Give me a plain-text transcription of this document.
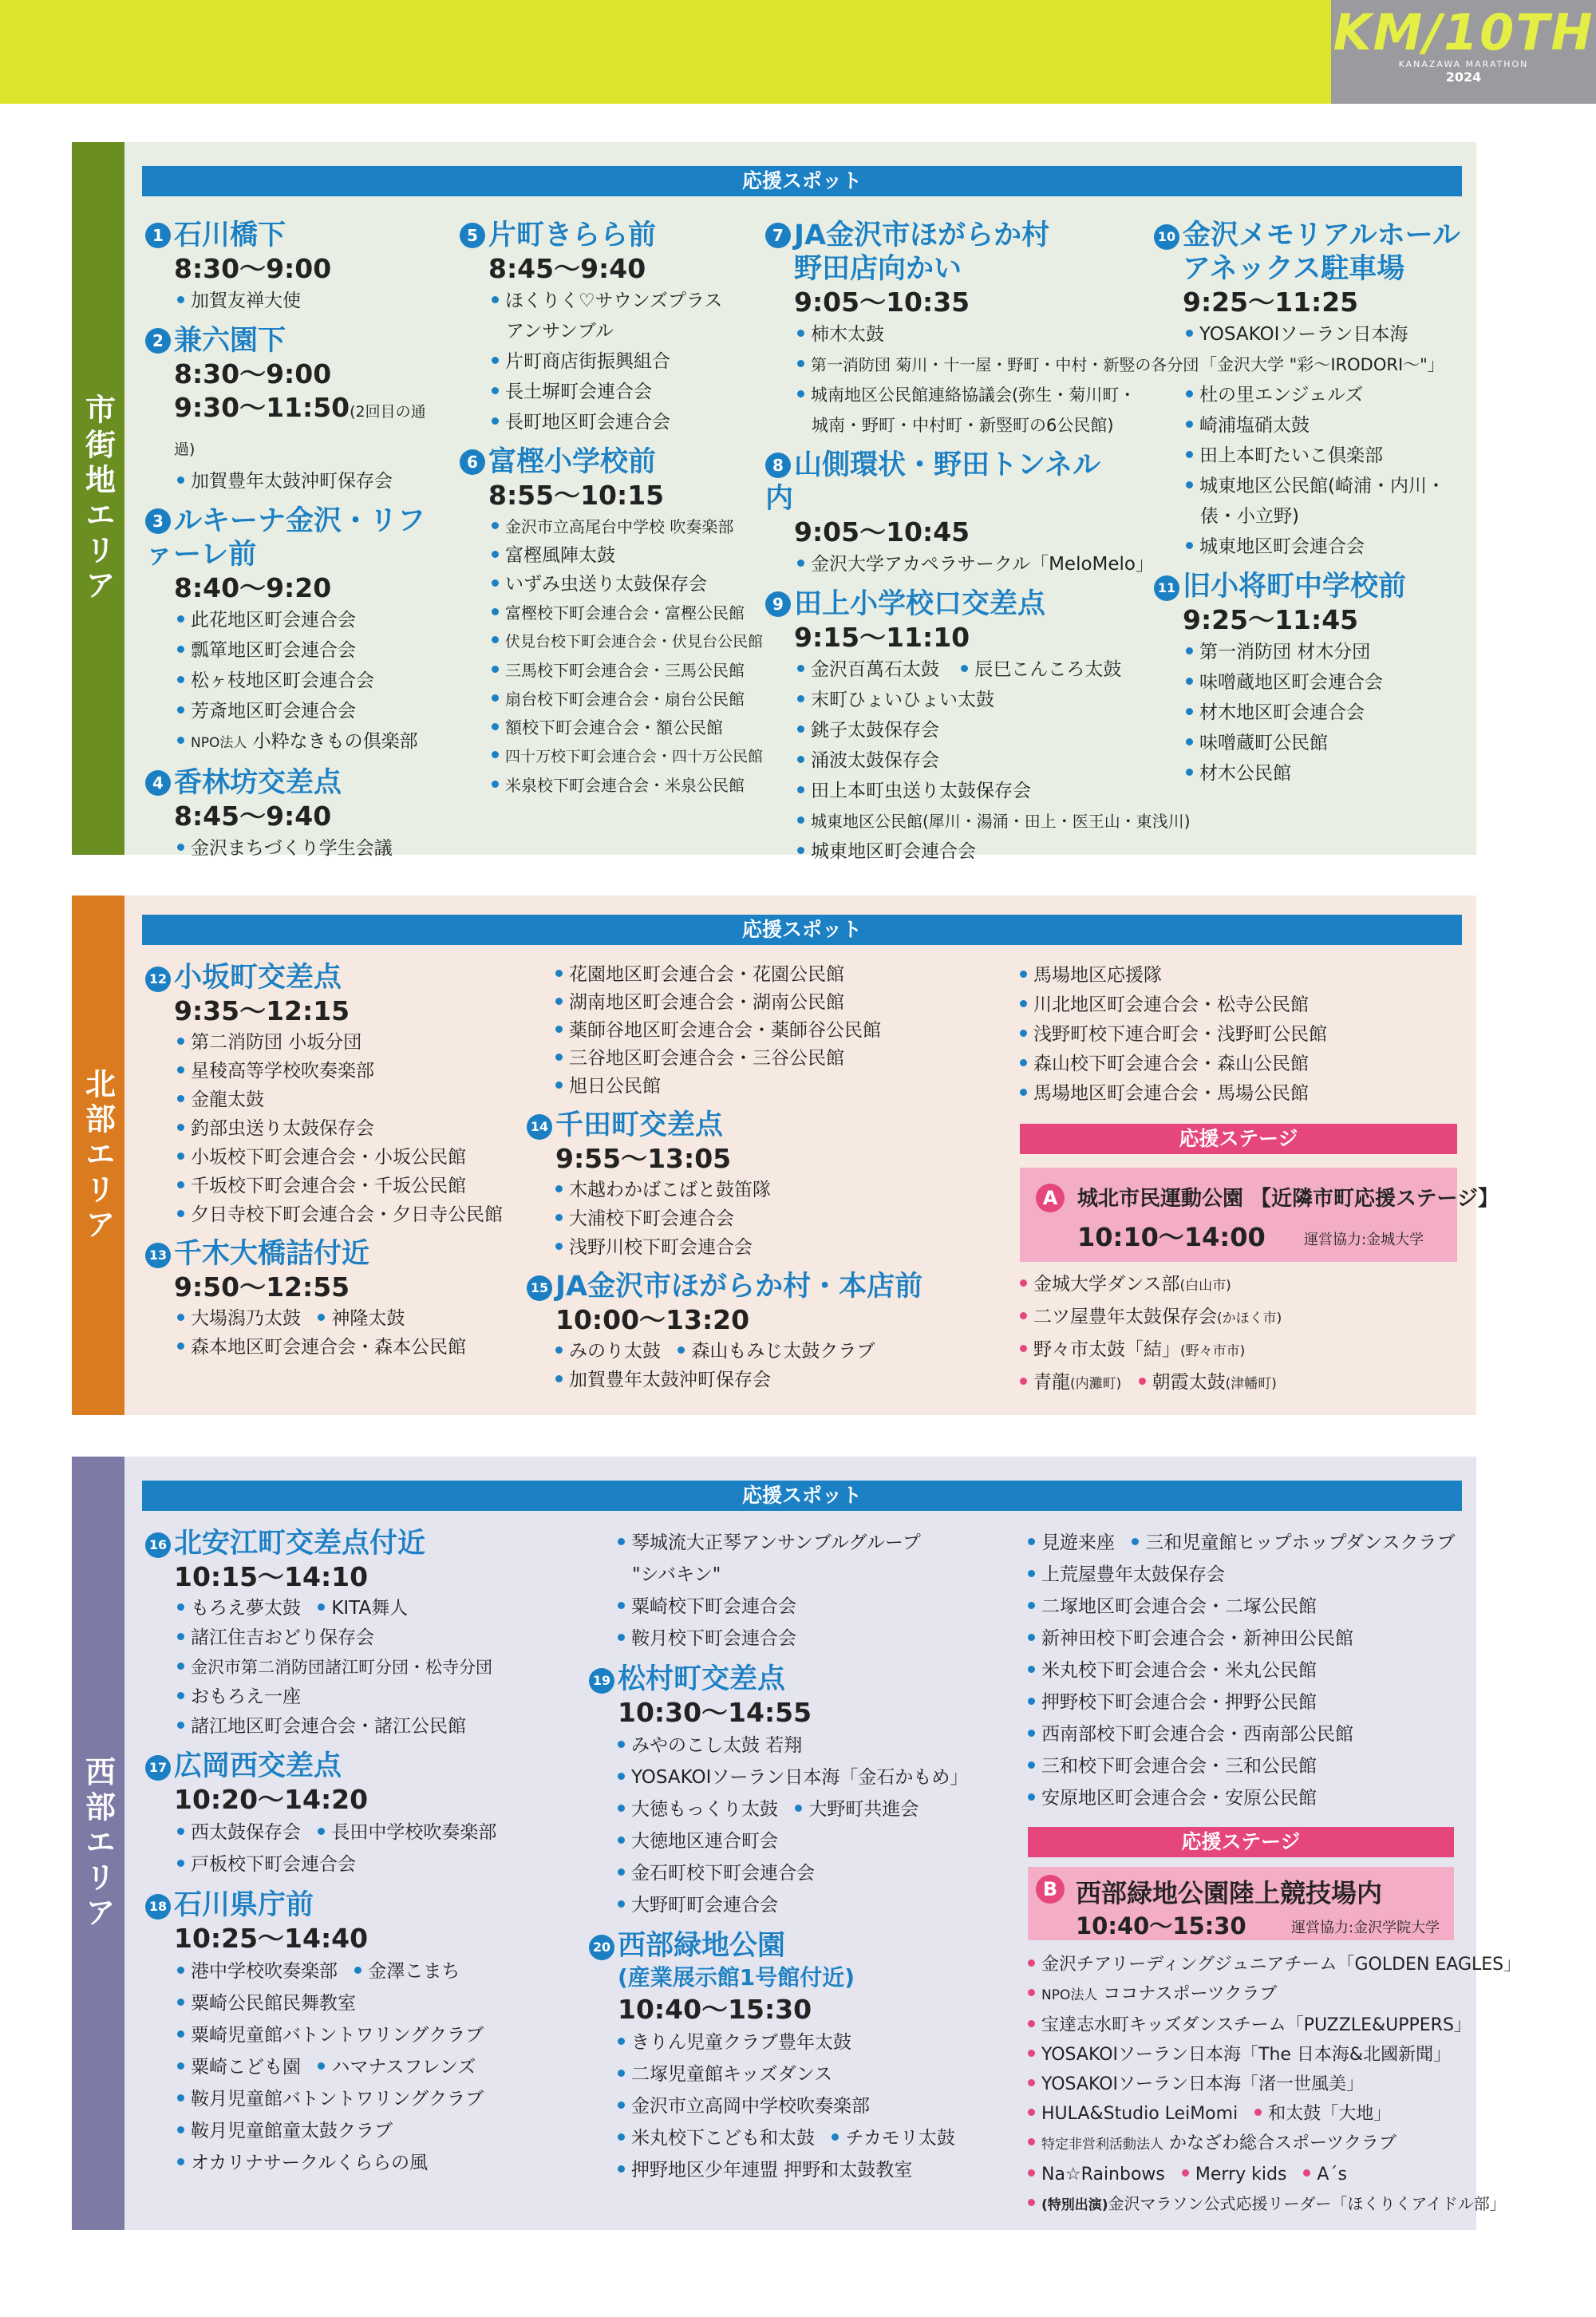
KM/10TH
KANAZAWA MARATHON
2024
市街地エリア
応援スポット
1 石川橋下
8:30〜9:00
加賀友禅大使
2 兼六園下
8:30〜9:00
9:30〜11:50(2回目の通過)
加賀豊年太鼓沖町保存会
3 ルキーナ金沢・リファーレ前
8:40〜9:20
此花地区町会連合会
瓢箪地区町会連合会
松ヶ枝地区町会連合会
芳斎地区町会連合会
NPO法人 小粋なきもの倶楽部
4 香林坊交差点
8:45〜9:40
金沢まちづくり学生会議
5 片町きらら前
8:45〜9:40
ほくりく♡サウンズプラス
アンサンブル
片町商店街振興組合
長土塀町会連合会
長町地区町会連合会
6 富樫小学校前
8:55〜10:15
金沢市立高尾台中学校 吹奏楽部
富樫風陣太鼓
いずみ虫送り太鼓保存会
富樫校下町会連合会・富樫公民館
伏見台校下町会連合会・伏見台公民館
三馬校下町会連合会・三馬公民館
扇台校下町会連合会・扇台公民館
額校下町会連合会・額公民館
四十万校下町会連合会・四十万公民館
米泉校下町会連合会・米泉公民館
7 JA金沢市ほがらか村
野田店向かい
9:05〜10:35
柿木太鼓
第一消防団 菊川・十一屋・野町・中村・新竪の各分団
城南地区公民館連絡協議会(弥生・菊川町・
城南・野町・中村町・新竪町の6公民館)
8 山側環状・野田トンネル内
9:05〜10:45
金沢大学アカペラサークル「MeloMelo」
9 田上小学校口交差点
9:15〜11:10
金沢百萬石太鼓 辰巳こんころ太鼓
末町ひょいひょい太鼓
銚子太鼓保存会
涌波太鼓保存会
田上本町虫送り太鼓保存会
城東地区公民館(犀川・湯涌・田上・医王山・東浅川)
城東地区町会連合会
10 金沢メモリアルホール
アネックス駐車場
9:25〜11:25
YOSAKOIソーラン日本海
「金沢大学 "彩〜IRODORI〜"」
杜の里エンジェルズ
崎浦塩硝太鼓
田上本町たいこ倶楽部
城東地区公民館(崎浦・内川・
俵・小立野)
城東地区町会連合会
11 旧小将町中学校前
9:25〜11:45
第一消防団 材木分団
味噌蔵地区町会連合会
材木地区町会連合会
味噌蔵町公民館
材木公民館
北部エリア
応援スポット
12 小坂町交差点
9:35〜12:15
第二消防団 小坂分団
星稜高等学校吹奏楽部
金龍太鼓
釣部虫送り太鼓保存会
小坂校下町会連合会・小坂公民館
千坂校下町会連合会・千坂公民館
夕日寺校下町会連合会・夕日寺公民館
13 千木大橋詰付近
9:50〜12:55
大場潟乃太鼓 神隆太鼓
森本地区町会連合会・森本公民館
花園地区町会連合会・花園公民館
湖南地区町会連合会・湖南公民館
薬師谷地区町会連合会・薬師谷公民館
三谷地区町会連合会・三谷公民館
旭日公民館
14 千田町交差点
9:55〜13:05
木越わかばこばと鼓笛隊
大浦校下町会連合会
浅野川校下町会連合会
15 JA金沢市ほがらか村・本店前
10:00〜13:20
みのり太鼓 森山もみじ太鼓クラブ
加賀豊年太鼓沖町保存会
馬場地区応援隊
川北地区町会連合会・松寺公民館
浅野町校下連合町会・浅野町公民館
森山校下町会連合会・森山公民館
馬場地区町会連合会・馬場公民館
応援ステージ
A 城北市民運動公園 【近隣市町応援ステージ】
10:10〜14:00	運営協力:金城大学
金城大学ダンス部(白山市)
二ツ屋豊年太鼓保存会(かほく市)
野々市太鼓「結」(野々市市)
青龍(内灘町) 朝霞太鼓(津幡町)
西部エリア
応援スポット
16 北安江町交差点付近
10:15〜14:10
もろえ夢太鼓 KITA舞人
諸江住吉おどり保存会
金沢市第二消防団諸江町分団・松寺分団
おもろえ一座
諸江地区町会連合会・諸江公民館
17 広岡西交差点
10:20〜14:20
西太鼓保存会 長田中学校吹奏楽部
戸板校下町会連合会
18 石川県庁前
10:25〜14:40
港中学校吹奏楽部 金澤こまち
粟崎公民館民舞教室
粟崎児童館バトントワリングクラブ
粟崎こども園 ハマナスフレンズ
鞍月児童館バトントワリングクラブ
鞍月児童館童太鼓クラブ
オカリナサークルくららの風
琴城流大正琴アンサンブルグループ
"シバキン"
粟崎校下町会連合会
鞍月校下町会連合会
19 松村町交差点
10:30〜14:55
みやのこし太鼓 若翔
YOSAKOIソーラン日本海「金石かもめ」
大徳もっくり太鼓 大野町共進会
大徳地区連合町会
金石町校下町会連合会
大野町町会連合会
20 西部緑地公園
(産業展示館1号館付近)
10:40〜15:30
きりん児童クラブ豊年太鼓
二塚児童館キッズダンス
金沢市立高岡中学校吹奏楽部
米丸校下こども和太鼓 チカモリ太鼓
押野地区少年連盟 押野和太鼓教室
見遊来座 三和児童館ヒップホップダンスクラブ
上荒屋豊年太鼓保存会
二塚地区町会連合会・二塚公民館
新神田校下町会連合会・新神田公民館
米丸校下町会連合会・米丸公民館
押野校下町会連合会・押野公民館
西南部校下町会連合会・西南部公民館
三和校下町会連合会・三和公民館
安原地区町会連合会・安原公民館
応援ステージ
B 西部緑地公園陸上競技場内
10:40〜15:30	運営協力:金沢学院大学
金沢チアリーディングジュニアチーム「GOLDEN EAGLES」
NPO法人 ココナスポーツクラブ
宝達志水町キッズダンスチーム「PUZZLE&UPPERS」
YOSAKOIソーラン日本海「The 日本海&北國新聞」
YOSAKOIソーラン日本海「渚一世風美」
HULA&Studio LeiMomi 和太鼓「大地」
特定非営利活動法人 かなざわ総合スポーツクラブ
Na☆Rainbows Merry kids A´s
(特別出演)金沢マラソン公式応援リーダー「ほくりくアイドル部」
